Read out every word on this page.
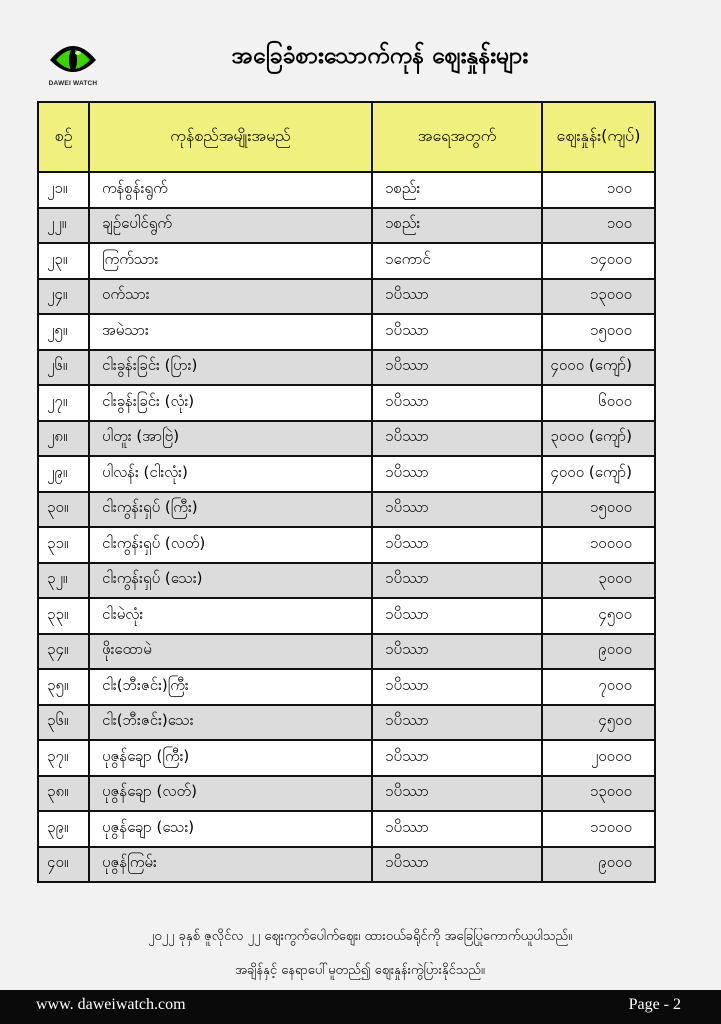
DAWEI WATCH
အခြေခံစားသောက်ကုန် ဈေးနှုန်းများ
စဉ်	ကုန်စည်အမျိုးအမည်	အရေအတွက်	ဈေးနှုန်း(ကျပ်)
၂၁။	ကန်စွန်းရွက်	၁စည်း	၁၀၀
၂၂။	ချဉ်ပေါင်ရွက်	၁စည်း	၁၀၀
၂၃။	ကြက်သား	၁ကောင်	၁၄၀၀၀
၂၄။	ဝက်သား	၁ပိဿာ	၁၃၀၀၀
၂၅။	အမဲသား	၁ပိဿာ	၁၅၀၀၀
၂၆။	ငါးခွန်းခြင်း (ပြား)	၁ပိဿာ	၄၀၀၀ (ကျော်)
၂၇။	ငါးခွန်းခြင်း (လုံး)	၁ပိဿာ	၆၀၀၀
၂၈။	ပါတူး (အာဗြဲ)	၁ပိဿာ	၃၀၀၀ (ကျော်)
၂၉။	ပါလန်း (ငါးလုံး)	၁ပိဿာ	၄၀၀၀ (ကျော်)
၃၀။	ငါးကွန်းရှပ် (ကြီး)	၁ပိဿာ	၁၅၀၀၀
၃၁။	ငါးကွန်းရှပ် (လတ်)	၁ပိဿာ	၁၀၀၀၀
၃၂။	ငါးကွန်းရှပ် (သေး)	၁ပိဿာ	၃၀၀၀
၃၃။	ငါးမဲလုံး	၁ပိဿာ	၄၅၀၀
၃၄။	ဖိုးထောမဲ	၁ပိဿာ	၉၀၀၀
၃၅။	ငါး(ဘီးဇင်း)ကြီး	၁ပိဿာ	၇၀၀၀
၃၆။	ငါး(ဘီးဇင်း)သေး	၁ပိဿာ	၄၅၀၀
၃၇။	ပုဇွန်ချော (ကြီး)	၁ပိဿာ	၂၀၀၀၀
၃၈။	ပုဇွန်ချော (လတ်)	၁ပိဿာ	၁၃၀၀၀
၃၉။	ပုဇွန်ချော (သေး)	၁ပိဿာ	၁၁၀၀၀
၄၀။	ပုဇွန်ကြမ်း	၁ပိဿာ	၉၀၀၀
၂၀၂၂ ခုနှစ် ဇူလိုင်လ ၂၂ ဈေးကွက်ပေါက်ဈေး၊ ထားဝယ်ခရိုင်ကို အခြေပြုကောက်ယူပါသည်။
အချိန်နှင့် နေရာပေါ်မူတည်၍ ဈေးနှုန်းကွဲပြားနိုင်သည်။
www. daweiwatch.com	Page - 2
